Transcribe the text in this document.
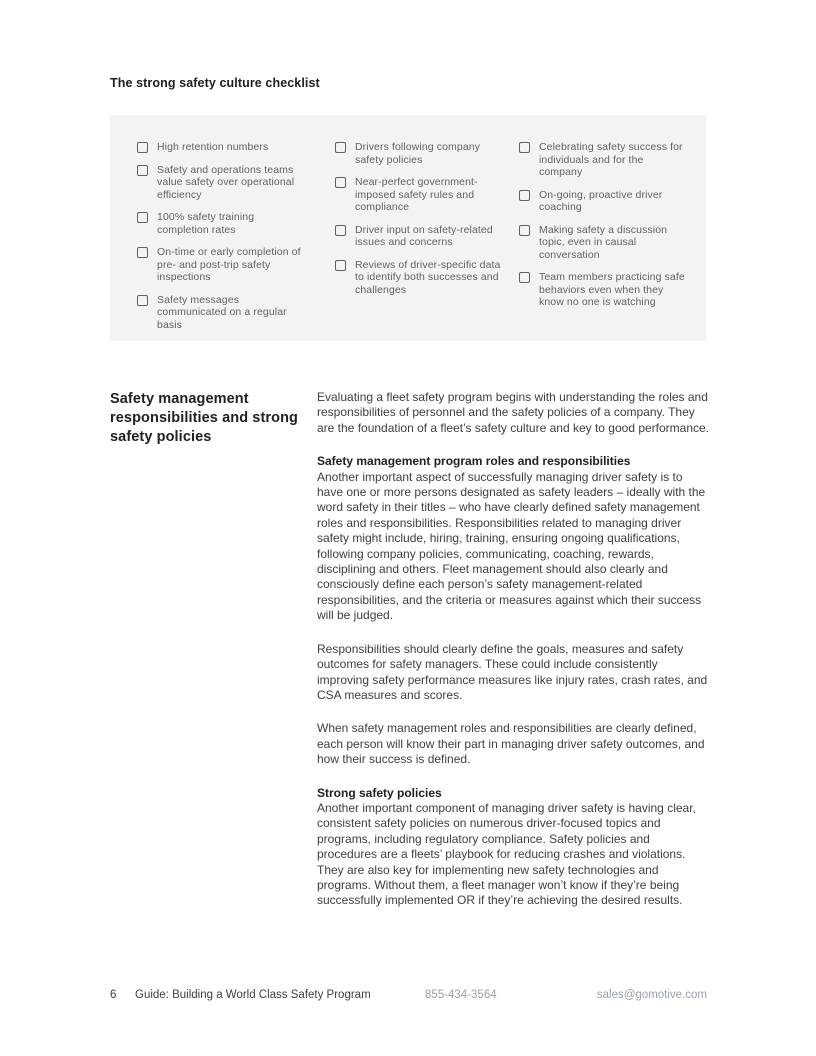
The strong safety culture checklist
High retention numbers
Safety and operations teams value safety over operational efficiency
100% safety training completion rates
On-time or early completion of pre- and post-trip safety inspections
Safety messages communicated on a regular basis
Drivers following company safety policies
Near-perfect government-imposed safety rules and compliance
Driver input on safety-related issues and concerns
Reviews of driver-specific data to identify both successes and challenges
Celebrating safety success for individuals and for the company
On-going, proactive driver coaching
Making safety a discussion topic, even in causal conversation
Team members practicing safe behaviors even when they know no one is watching
Safety management responsibilities and strong safety policies

Evaluating a fleet safety program begins with understanding the roles and responsibilities of personnel and the safety policies of a company. They are the foundation of a fleet’s safety culture and key to good performance.

Safety management program roles and responsibilities

Another important aspect of successfully managing driver safety is to have one or more persons designated as safety leaders – ideally with the word safety in their titles – who have clearly defined safety management roles and responsibilities. Responsibilities related to managing driver safety might include, hiring, training, ensuring ongoing qualifications, following company policies, communicating, coaching, rewards, disciplining and others. Fleet management should also clearly and consciously define each person’s safety management-related responsibilities, and the criteria or measures against which their success will be judged.

Responsibilities should clearly define the goals, measures and safety outcomes for safety managers. These could include consistently improving safety performance measures like injury rates, crash rates, and CSA measures and scores.

When safety management roles and responsibilities are clearly defined, each person will know their part in managing driver safety outcomes, and how their success is defined.

Strong safety policies

Another important component of managing driver safety is having clear, consistent safety policies on numerous driver-focused topics and programs, including regulatory compliance. Safety policies and procedures are a fleets’ playbook for reducing crashes and violations. They are also key for implementing new safety technologies and programs. Without them, a fleet manager won’t know if they’re being successfully implemented OR if they’re achieving the desired results.

6 Guide: Building a World Class Safety Program	855-434-3564	sales@gomotive.com
